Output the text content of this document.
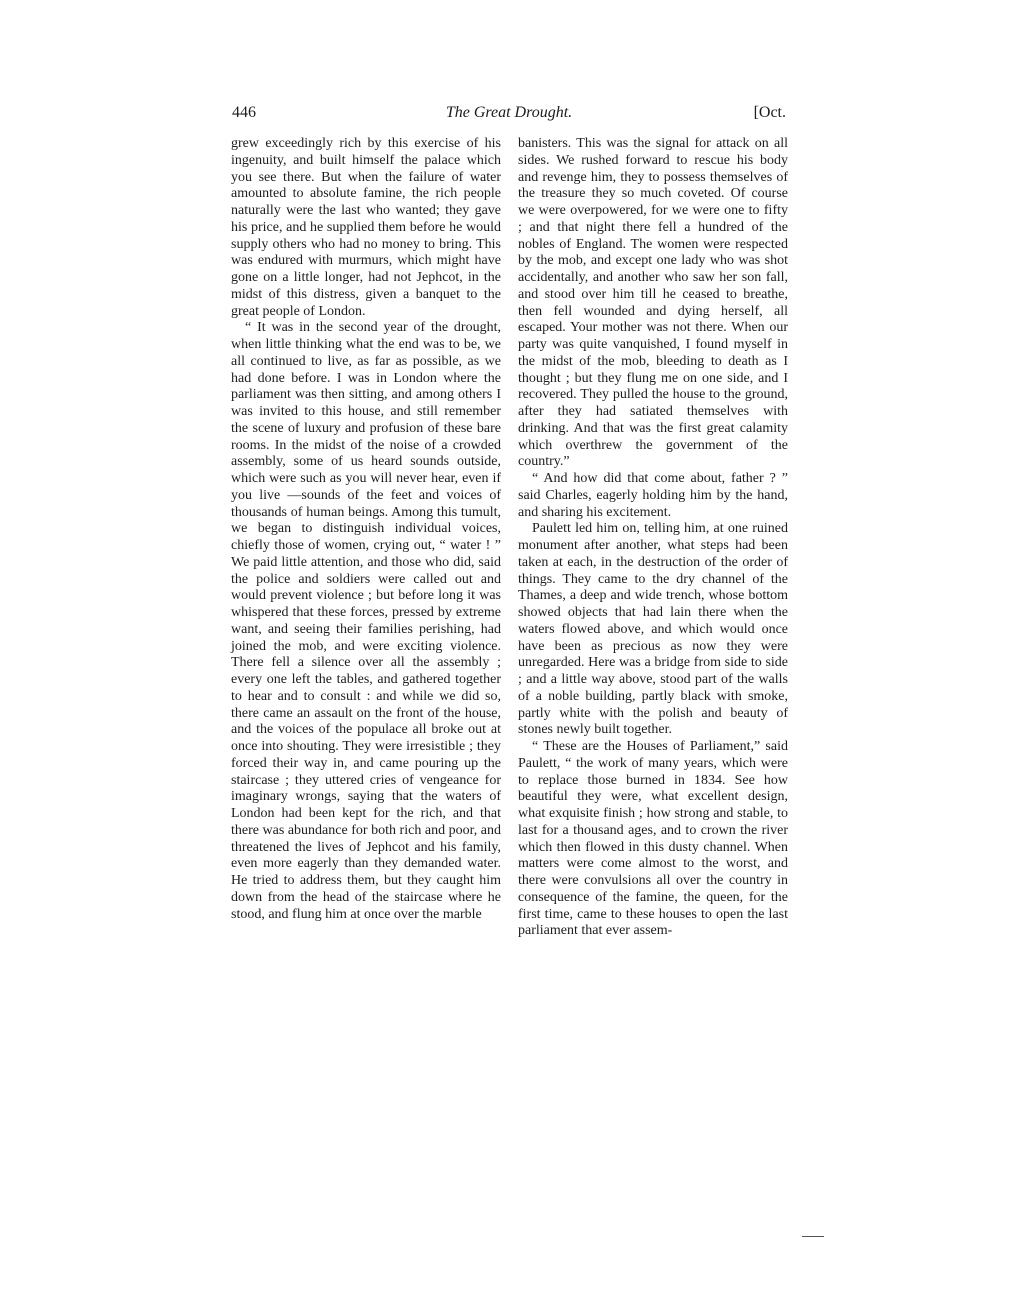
The Great Drought.
446	[Oct.

grew exceedingly rich by this exercise of his ingenuity, and built himself the palace which you see there. But when the failure of water amounted to absolute famine, the rich people naturally were the last who wanted; they gave his price, and he supplied them before he would supply others who had no money to bring. This was endured with murmurs, which might have gone on a little longer, had not Jephcot, in the midst of this distress, given a banquet to the great people of London.

“ It was in the second year of the drought, when little thinking what the end was to be, we all continued to live, as far as possible, as we had done before. I was in London where the parliament was then sitting, and among others I was invited to this house, and still remember the scene of luxury and profusion of these bare rooms. In the midst of the noise of a crowded assembly, some of us heard sounds outside, which were such as you will never hear, even if you live —sounds of the feet and voices of thousands of human beings. Among this tumult, we began to distinguish individual voices, chiefly those of women, crying out, “ water ! ” We paid little attention, and those who did, said the police and soldiers were called out and would prevent violence ; but before long it was whispered that these forces, pressed by extreme want, and seeing their families perishing, had joined the mob, and were exciting violence. There fell a silence over all the assembly ; every one left the tables, and gathered together to hear and to consult : and while we did so, there came an assault on the front of the house, and the voices of the populace all broke out at once into shouting. They were irresistible ; they forced their way in, and came pouring up the staircase ; they uttered cries of vengeance for imaginary wrongs, saying that the waters of London had been kept for the rich, and that there was abundance for both rich and poor, and threatened the lives of Jephcot and his family, even more eagerly than they demanded water. He tried to address them, but they caught him down from the head of the staircase where he stood, and flung him at once over the marble

banisters. This was the signal for attack on all sides. We rushed forward to rescue his body and revenge him, they to possess themselves of the treasure they so much coveted. Of course we were overpowered, for we were one to fifty ; and that night there fell a hundred of the nobles of England. The women were respected by the mob, and except one lady who was shot accidentally, and another who saw her son fall, and stood over him till he ceased to breathe, then fell wounded and dying herself, all escaped. Your mother was not there. When our party was quite vanquished, I found myself in the midst of the mob, bleeding to death as I thought ; but they flung me on one side, and I recovered. They pulled the house to the ground, after they had satiated themselves with drinking. And that was the first great calamity which overthrew the government of the country.”

“ And how did that come about, father ? ” said Charles, eagerly holding him by the hand, and sharing his excitement.

Paulett led him on, telling him, at one ruined monument after another, what steps had been taken at each, in the destruction of the order of things. They came to the dry channel of the Thames, a deep and wide trench, whose bottom showed objects that had lain there when the waters flowed above, and which would once have been as precious as now they were unregarded. Here was a bridge from side to side ; and a little way above, stood part of the walls of a noble building, partly black with smoke, partly white with the polish and beauty of stones newly built together.

“ These are the Houses of Parliament,” said Paulett, “ the work of many years, which were to replace those burned in 1834. See how beautiful they were, what excellent design, what exquisite finish ; how strong and stable, to last for a thousand ages, and to crown the river which then flowed in this dusty channel. When matters were come almost to the worst, and there were convulsions all over the country in consequence of the famine, the queen, for the first time, came to these houses to open the last parliament that ever assem-
